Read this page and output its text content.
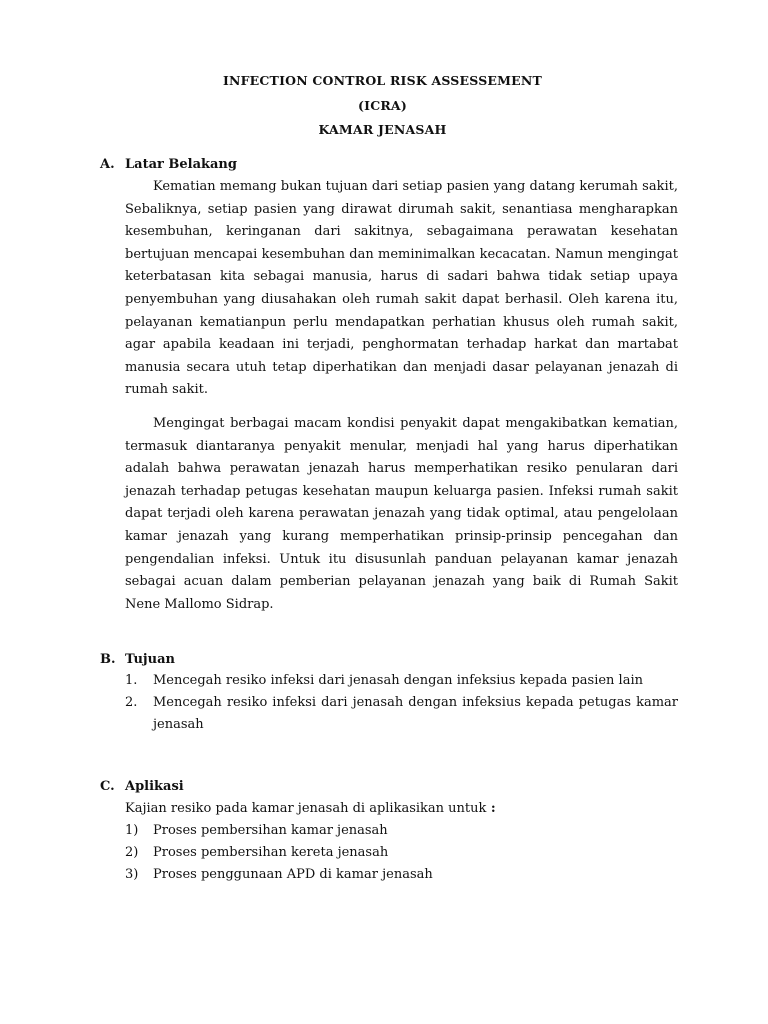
INFECTION CONTROL RISK ASSESSEMENT
(ICRA)
KAMAR JENASAH
A. Latar Belakang
Kematian memang bukan tujuan dari setiap pasien yang datang kerumah sakit, Sebaliknya, setiap pasien yang dirawat dirumah sakit, senantiasa mengharapkan kesembuhan, keringanan dari sakitnya, sebagaimana perawatan kesehatan bertujuan mencapai kesembuhan dan meminimalkan kecacatan. Namun mengingat keterbatasan kita sebagai manusia, harus di sadari bahwa tidak setiap upaya penyembuhan yang diusahakan oleh rumah sakit dapat berhasil. Oleh karena itu, pelayanan kematianpun perlu mendapatkan perhatian khusus oleh rumah sakit, agar apabila keadaan ini terjadi, penghormatan terhadap harkat dan martabat manusia secara utuh tetap diperhatikan dan menjadi dasar pelayanan jenazah di rumah sakit.
Mengingat berbagai macam kondisi penyakit dapat mengakibatkan kematian, termasuk diantaranya penyakit menular, menjadi hal yang harus diperhatikan adalah bahwa perawatan jenazah harus memperhatikan resiko penularan dari jenazah terhadap petugas kesehatan maupun keluarga pasien. Infeksi rumah sakit dapat terjadi oleh karena perawatan jenazah yang tidak optimal, atau pengelolaan kamar jenazah yang kurang memperhatikan prinsip-prinsip pencegahan dan pengendalian infeksi. Untuk itu disusunlah panduan pelayanan kamar jenazah sebagai acuan dalam pemberian pelayanan jenazah yang baik di Rumah Sakit Nene Mallomo Sidrap.
B. Tujuan
1. Mencegah resiko infeksi dari jenasah dengan infeksius kepada pasien lain
2. Mencegah resiko infeksi dari jenasah dengan infeksius kepada petugas kamar jenasah
C. Aplikasi
Kajian resiko pada kamar jenasah di aplikasikan untuk :
1) Proses pembersihan kamar jenasah
2) Proses pembersihan kereta jenasah
3) Proses penggunaan APD di kamar jenasah
